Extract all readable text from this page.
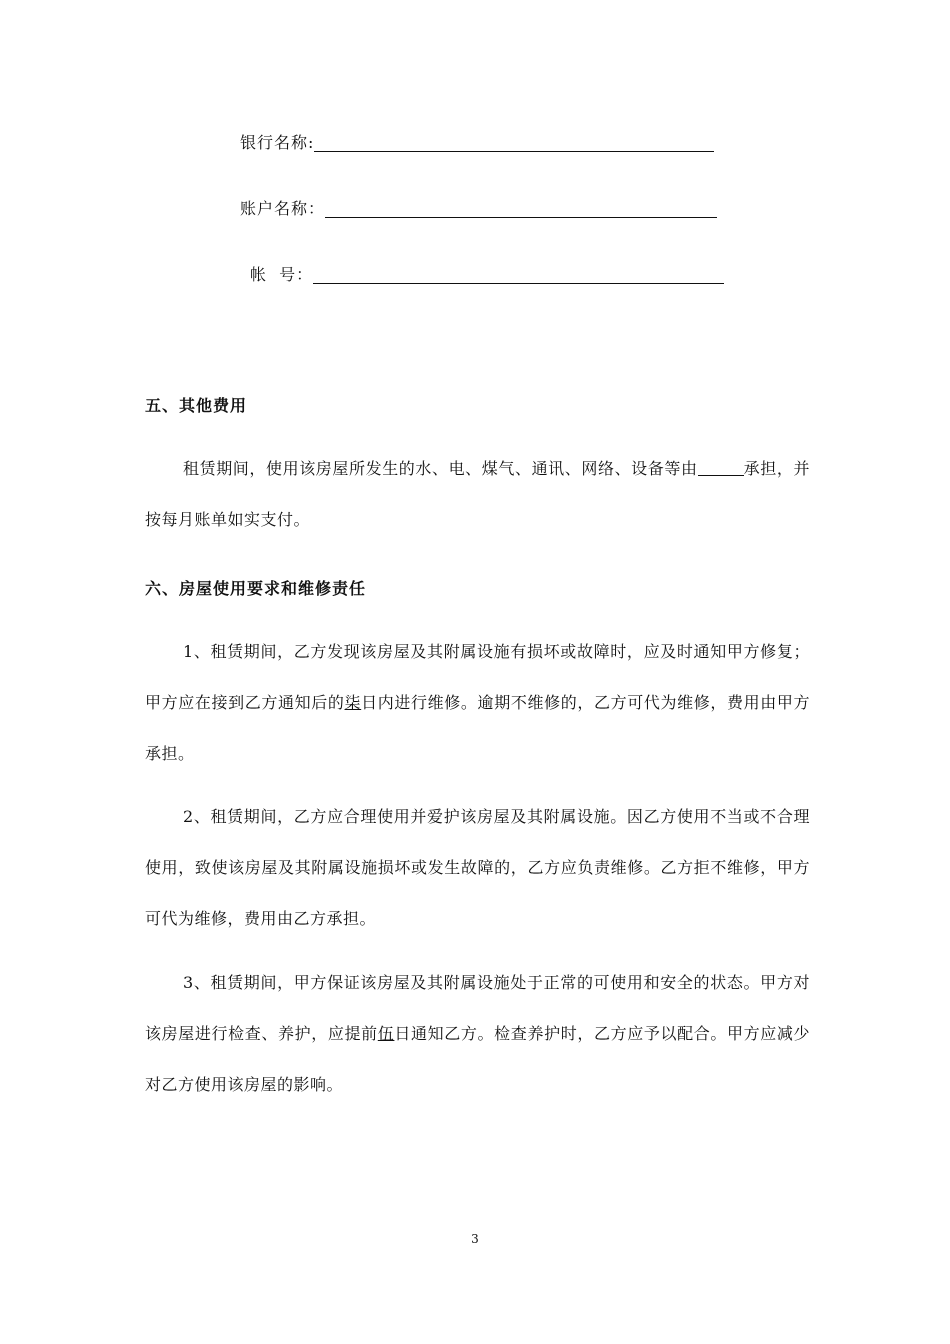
银行名称:
账户名称：
帐  号：
五、其他费用
租赁期间，使用该房屋所发生的水、电、煤气、通讯、网络、设备等由	承担，并按每月账单如实支付。
六、房屋使用要求和维修责任
1、租赁期间，乙方发现该房屋及其附属设施有损坏或故障时，应及时通知甲方修复；甲方应在接到乙方通知后的柒日内进行维修。逾期不维修的，乙方可代为维修，费用由甲方承担。
2、租赁期间，乙方应合理使用并爱护该房屋及其附属设施。因乙方使用不当或不合理使用，致使该房屋及其附属设施损坏或发生故障的，乙方应负责维修。乙方拒不维修，甲方可代为维修，费用由乙方承担。
3、租赁期间，甲方保证该房屋及其附属设施处于正常的可使用和安全的状态。甲方对该房屋进行检查、养护，应提前伍日通知乙方。检查养护时，乙方应予以配合。甲方应减少对乙方使用该房屋的影响。
3
